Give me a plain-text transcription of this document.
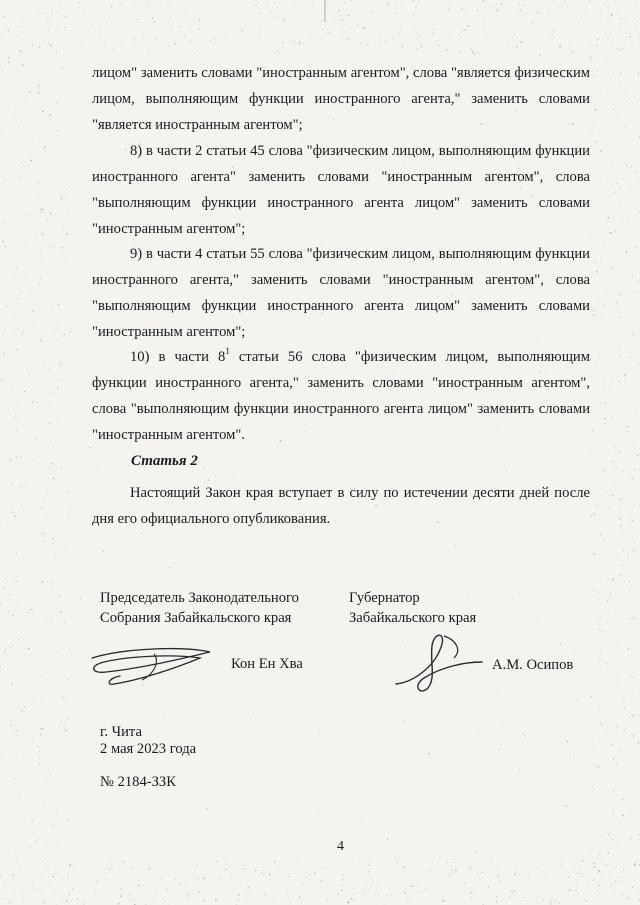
лицом" заменить словами "иностранным агентом", слова "является физическим лицом, выполняющим функции иностранного агента," заменить словами "является иностранным агентом";

8) в части 2 статьи 45 слова "физическим лицом, выполняющим функции иностранного агента" заменить словами "иностранным агентом", слова "выполняющим функции иностранного агента лицом" заменить словами "иностранным агентом";

9) в части 4 статьи 55 слова "физическим лицом, выполняющим функции иностранного агента," заменить словами "иностранным агентом", слова "выполняющим функции иностранного агента лицом" заменить словами "иностранным агентом";

10) в части $8^1$ статьи 56 слова "физическим лицом, выполняющим функции иностранного агента," заменить словами "иностранным агентом", слова "выполняющим функции иностранного агента лицом" заменить словами "иностранным агентом".

Статья 2

Настоящий Закон края вступает в силу по истечении десяти дней после дня его официального опубликования.

Председатель Законодательного
Собрания Забайкальского края
Губернатор
Забайкальского края
Кон Ен Хва	А.М. Осипов
г. Чита
2 мая 2023 года
№ 2184-ЗЗК
4
